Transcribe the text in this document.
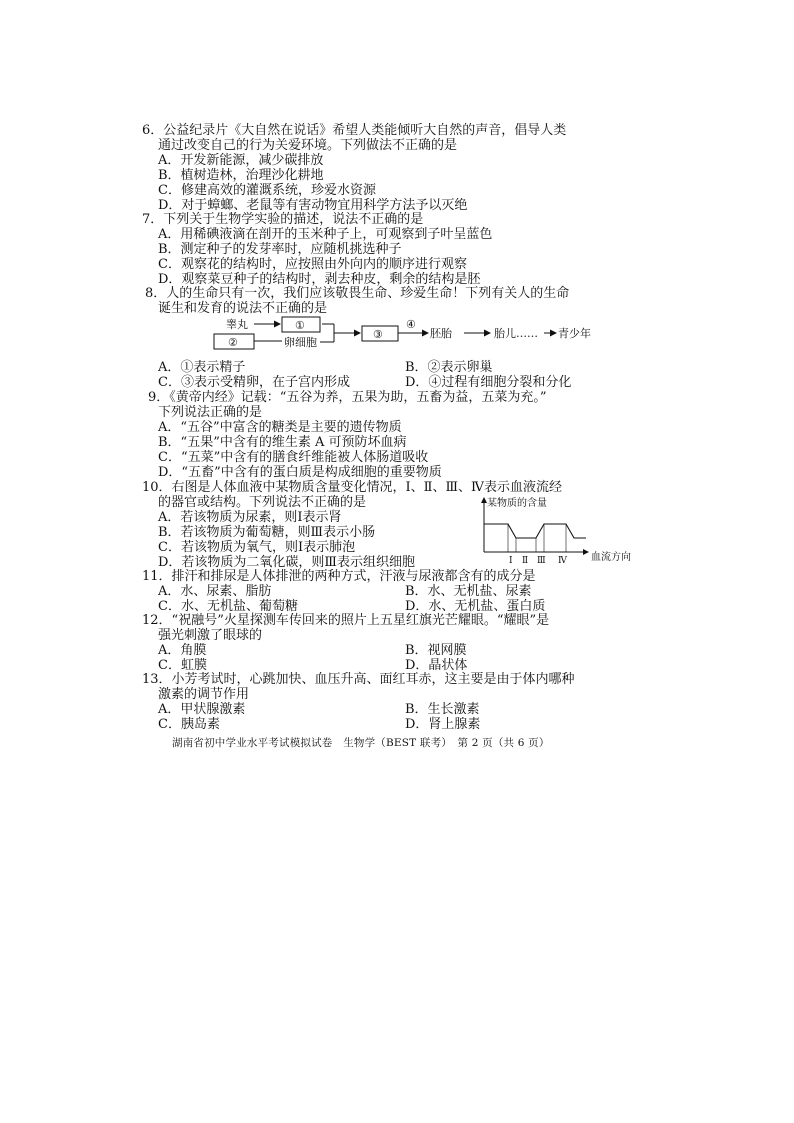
6．公益纪录片《大自然在说话》希望人类能倾听大自然的声音，倡导人类
通过改变自己的行为关爱环境。下列做法不正确的是
A．开发新能源，减少碳排放
B．植树造林，治理沙化耕地
C．修建高效的灌溉系统，珍爱水资源
D．对于蟑螂、老鼠等有害动物宜用科学方法予以灭绝
7．下列关于生物学实验的描述，说法不正确的是
A．用稀碘液滴在剖开的玉米种子上，可观察到子叶呈蓝色
B．测定种子的发芽率时，应随机挑选种子
C．观察花的结构时，应按照由外向内的顺序进行观察
D．观察菜豆种子的结构时，剥去种皮，剩余的结构是胚
8．人的生命只有一次，我们应该敬畏生命、珍爱生命！下列有关人的生命
诞生和发育的说法不正确的是
睾丸	①
②	卵细胞
③
④
胚胎	胎儿…… 青少年
A．①表示精子	B．②表示卵巢
C．③表示受精卵，在子宫内形成	D．④过程有细胞分裂和分化
9．《黄帝内经》记载：“五谷为养，五果为助，五畜为益，五菜为充。”
下列说法正确的是
A．“五谷”中富含的糖类是主要的遗传物质
B．“五果”中含有的维生素 A 可预防坏血病
C．“五菜”中含有的膳食纤维能被人体肠道吸收
D．“五畜”中含有的蛋白质是构成细胞的重要物质
10．右图是人体血液中某物质含量变化情况，Ⅰ、Ⅱ、Ⅲ、Ⅳ表示血液流经
的器官或结构。下列说法不正确的是
A．若该物质为尿素，则Ⅰ表示肾
B．若该物质为葡萄糖，则Ⅲ表示小肠
C．若该物质为氧气，则Ⅰ表示肺泡
D．若该物质为二氧化碳，则Ⅲ表示组织细胞
某物质的含量
血流方向
Ⅰ Ⅱ Ⅲ Ⅳ
11．排汗和排尿是人体排泄的两种方式，汗液与尿液都含有的成分是
A．水、尿素、脂肪	B．水、无机盐、尿素
C．水、无机盐、葡萄糖	D．水、无机盐、蛋白质
12．“祝融号”火星探测车传回来的照片上五星红旗光芒耀眼。“耀眼”是
强光刺激了眼球的
A．角膜	B．视网膜
C．虹膜	D．晶状体
13．小芳考试时，心跳加快、血压升高、面红耳赤，这主要是由于体内哪种
激素的调节作用
A．甲状腺激素	B．生长激素
C．胰岛素	D．肾上腺素
湖南省初中学业水平考试模拟试卷　生物学（BEST 联考）　第 2 页（共 6 页）
